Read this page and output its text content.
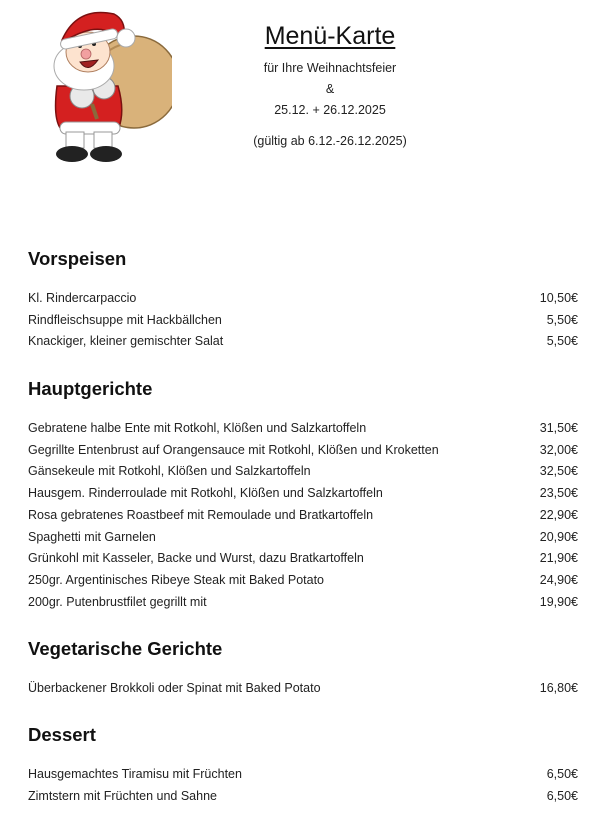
Menü-Karte
für Ihre Weihnachtsfeier
&
25.12. + 26.12.2025
(gültig ab 6.12.-26.12.2025)
Vorspeisen
Kl. Rindercarpaccio	10,50€
Rindfleischsuppe mit Hackbällchen	5,50€
Knackiger, kleiner gemischter Salat	5,50€
Hauptgerichte
Gebratene halbe Ente mit Rotkohl, Klößen und Salzkartoffeln	31,50€
Gegrillte Entenbrust auf Orangensauce mit Rotkohl, Klößen und Kroketten	32,00€
Gänsekeule mit Rotkohl, Klößen und Salzkartoffeln	32,50€
Hausgem. Rinderroulade mit Rotkohl, Klößen und Salzkartoffeln	23,50€
Rosa gebratenes Roastbeef mit Remoulade und Bratkartoffeln	22,90€
Spaghetti mit Garnelen	20,90€
Grünkohl mit Kasseler, Backe und Wurst, dazu Bratkartoffeln	21,90€
250gr. Argentinisches Ribeye Steak mit Baked Potato	24,90€
200gr. Putenbrustfilet gegrillt mit	19,90€
Vegetarische Gerichte
Überbackener Brokkoli oder Spinat mit Baked Potato	16,80€
Dessert
Hausgemachtes Tiramisu mit Früchten	6,50€
Zimtstern mit Früchten und Sahne	6,50€
